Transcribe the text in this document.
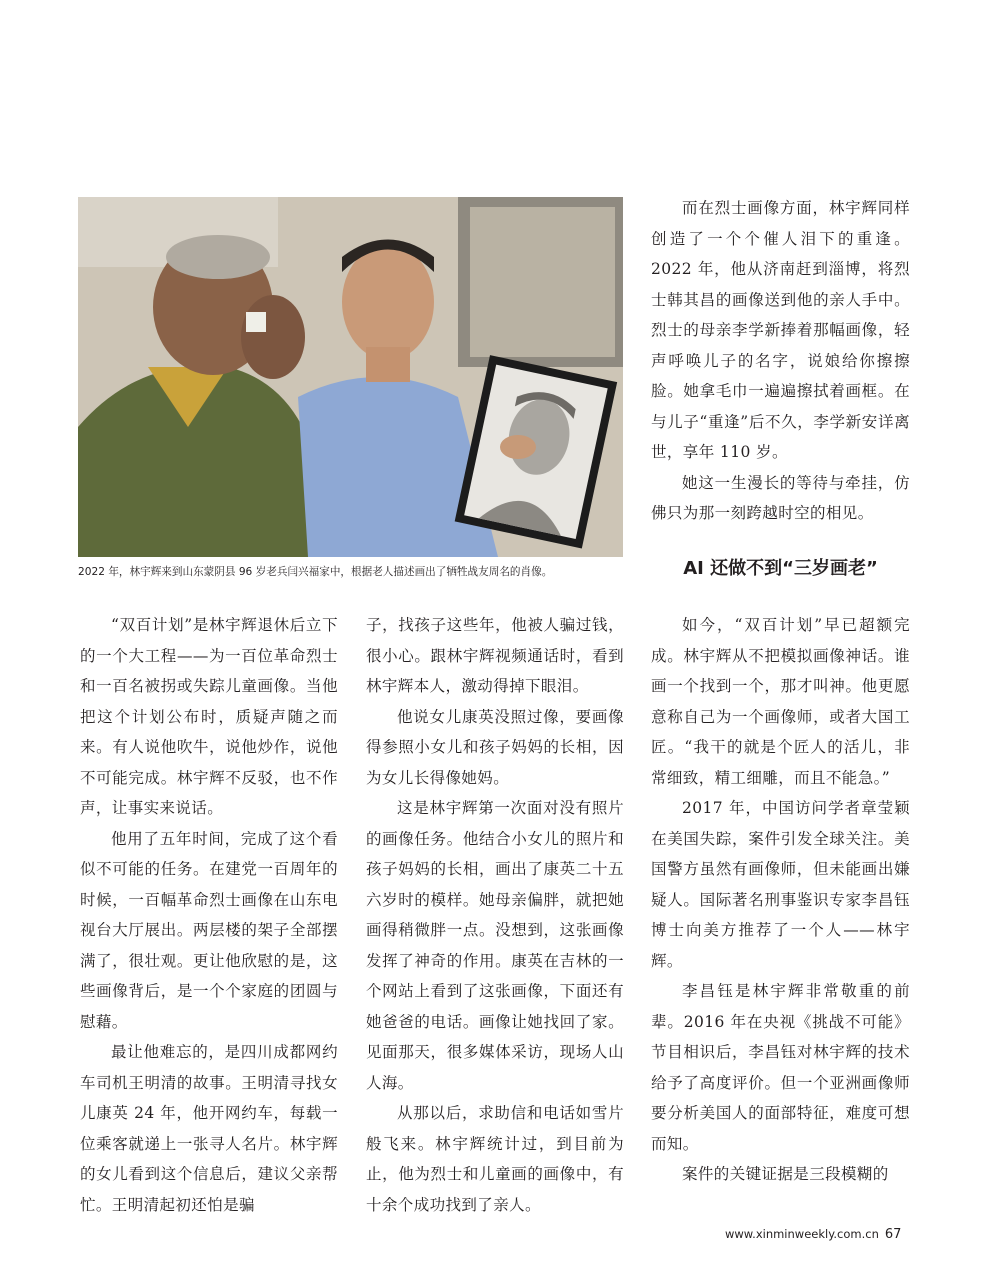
2022 年，林宇辉来到山东蒙阴县 96 岁老兵闫兴福家中，根据老人描述画出了牺牲战友周名的肖像。

而在烈士画像方面，林宇辉同样创造了一个个催人泪下的重逢。2022 年，他从济南赶到淄博，将烈士韩其昌的画像送到他的亲人手中。烈士的母亲李学新捧着那幅画像，轻声呼唤儿子的名字，说娘给你擦擦脸。她拿毛巾一遍遍擦拭着画框。在与儿子“重逢”后不久，李学新安详离世，享年 110 岁。

她这一生漫长的等待与牵挂，仿佛只为那一刻跨越时空的相见。

AI 还做不到“三岁画老”

“双百计划”是林宇辉退休后立下的一个大工程——为一百位革命烈士和一百名被拐或失踪儿童画像。当他把这个计划公布时，质疑声随之而来。有人说他吹牛，说他炒作，说他不可能完成。林宇辉不反驳，也不作声，让事实来说话。

他用了五年时间，完成了这个看似不可能的任务。在建党一百周年的时候，一百幅革命烈士画像在山东电视台大厅展出。两层楼的架子全部摆满了，很壮观。更让他欣慰的是，这些画像背后，是一个个家庭的团圆与慰藉。

最让他难忘的，是四川成都网约车司机王明清的故事。王明清寻找女儿康英 24 年，他开网约车，每载一位乘客就递上一张寻人名片。林宇辉的女儿看到这个信息后，建议父亲帮忙。王明清起初还怕是骗

子，找孩子这些年，他被人骗过钱，很小心。跟林宇辉视频通话时，看到林宇辉本人，激动得掉下眼泪。

他说女儿康英没照过像，要画像得参照小女儿和孩子妈妈的长相，因为女儿长得像她妈。

这是林宇辉第一次面对没有照片的画像任务。他结合小女儿的照片和孩子妈妈的长相，画出了康英二十五六岁时的模样。她母亲偏胖，就把她画得稍微胖一点。没想到，这张画像发挥了神奇的作用。康英在吉林的一个网站上看到了这张画像，下面还有她爸爸的电话。画像让她找回了家。见面那天，很多媒体采访，现场人山人海。

从那以后，求助信和电话如雪片般飞来。林宇辉统计过，到目前为止，他为烈士和儿童画的画像中，有十余个成功找到了亲人。

如今，“双百计划”早已超额完成。林宇辉从不把模拟画像神话。谁画一个找到一个，那才叫神。他更愿意称自己为一个画像师，或者大国工匠。“我干的就是个匠人的活儿，非常细致，精工细雕，而且不能急。”

2017 年，中国访问学者章莹颖在美国失踪，案件引发全球关注。美国警方虽然有画像师，但未能画出嫌疑人。国际著名刑事鉴识专家李昌钰博士向美方推荐了一个人——林宇辉。

李昌钰是林宇辉非常敬重的前辈。2016 年在央视《挑战不可能》节目相识后，李昌钰对林宇辉的技术给予了高度评价。但一个亚洲画像师要分析美国人的面部特征，难度可想而知。

案件的关键证据是三段模糊的

www.xinminweekly.com.cn 67
